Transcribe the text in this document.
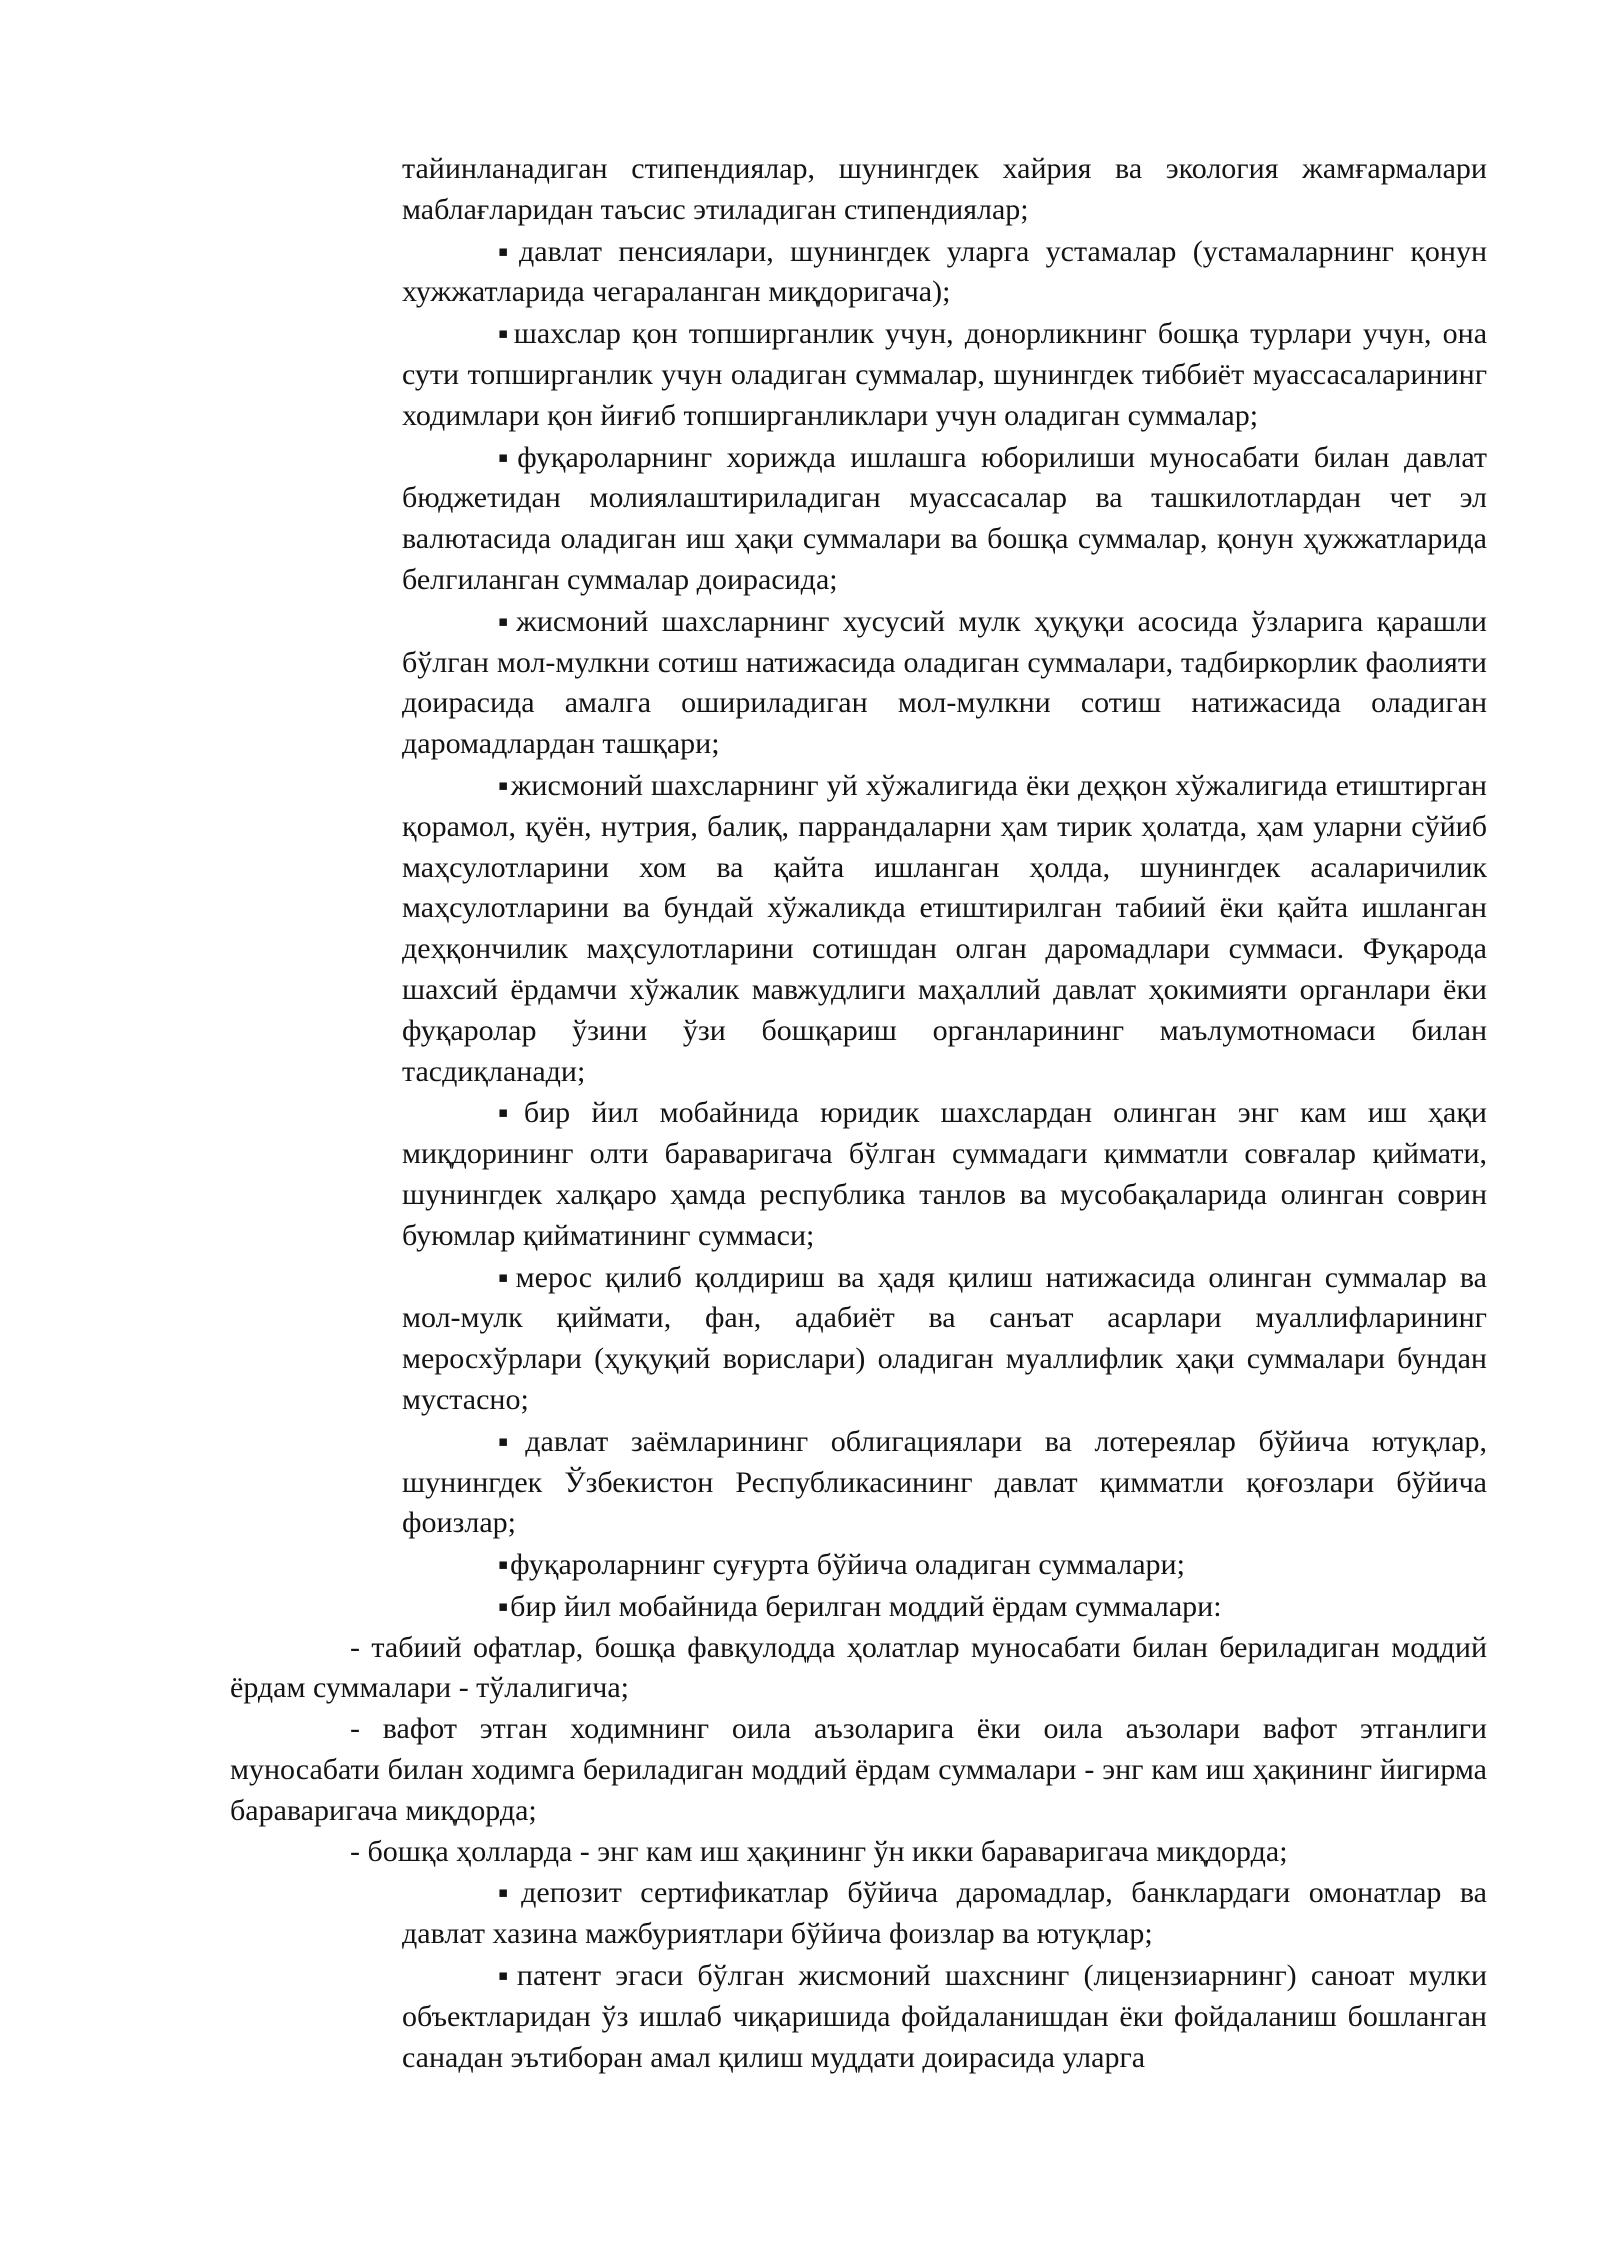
тайинланадиган стипендиялар, шунингдек хайрия ва экология жамғармалари маблағларидан таъсис этиладиган стипендиялар;

▪давлат пенсиялари, шунингдек уларга устамалар (устамаларнинг қонун хужжатларида чегараланган миқдоригача);

▪шахслар қон топширганлик учун, донорликнинг бошқа турлари учун, она сути топширганлик учун оладиган суммалар, шунингдек тиббиёт муассасаларининг ходимлари қон йиғиб топширганликлари учун оладиган суммалар;

▪фуқароларнинг хорижда ишлашга юборилиши муносабати билан давлат бюджетидан молиялаштириладиган муассасалар ва ташкилотлардан чет эл валютасида оладиган иш ҳақи суммалари ва бошқа суммалар, қонун ҳужжатларида белгиланган суммалар доирасида;

▪жисмоний шахсларнинг хусусий мулк ҳуқуқи асосида ўзларига қарашли бўлган мол-мулкни сотиш натижасида оладиган суммалари, тадбиркорлик фаолияти доирасида амалга ошириладиган мол-мулкни сотиш натижасида оладиган даромадлардан ташқари;

▪жисмоний шахсларнинг уй хўжалигида ёки деҳқон хўжалигида етиштирган қорамол, қуён, нутрия, балиқ, паррандаларни ҳам тирик ҳолатда, ҳам уларни сўйиб маҳсулотларини хом ва қайта ишланган ҳолда, шунингдек асаларичилик маҳсулотларини ва бундай хўжаликда етиштирилган табиий ёки қайта ишланган деҳқончилик маҳсулотларини сотишдан олган даромадлари суммаси. Фуқарода шахсий ёрдамчи хўжалик мавжудлиги маҳаллий давлат ҳокимияти органлари ёки фуқаролар ўзини ўзи бошқариш органларининг маълумотномаси билан тасдиқланади;

▪бир йил мобайнида юридик шахслардан олинган энг кам иш ҳақи миқдорининг олти бараваригача бўлган суммадаги қимматли совғалар қиймати, шунингдек халқаро ҳамда республика танлов ва мусобақаларида олинган соврин буюмлар қийматининг суммаси;

▪мерос қилиб қолдириш ва ҳадя қилиш натижасида олинган суммалар ва мол-мулк қиймати, фан, адабиёт ва санъат асарлари муаллифларининг меросхўрлари (ҳуқуқий ворислари) оладиган муаллифлик ҳақи суммалари бундан мустасно;

▪давлат заёмларининг облигациялари ва лотереялар бўйича ютуқлар, шунингдек Ўзбекистон Республикасининг давлат қимматли қоғозлари бўйича фоизлар;

▪фуқароларнинг суғурта бўйича оладиган суммалари;

▪бир йил мобайнида берилган моддий ёрдам суммалари:

- табиий офатлар, бошқа фавқулодда ҳолатлар муносабати билан бериладиган моддий ёрдам суммалари - тўлалигича;

- вафот этган ходимнинг оила аъзоларига ёки оила аъзолари вафот этганлиги муносабати билан ходимга бериладиган моддий ёрдам суммалари - энг кам иш ҳақининг йигирма бараваригача миқдорда;

- бошқа ҳолларда - энг кам иш ҳақининг ўн икки бараваригача миқдорда;

▪депозит сертификатлар бўйича даромадлар, банклардаги омонатлар ва давлат хазина мажбуриятлари бўйича фоизлар ва ютуқлар;

▪патент эгаси бўлган жисмоний шахснинг (лицензиарнинг) саноат мулки объектларидан ўз ишлаб чиқаришида фойдаланишдан ёки фойдаланиш бошланган санадан эътиборан амал қилиш муддати доирасида уларга
